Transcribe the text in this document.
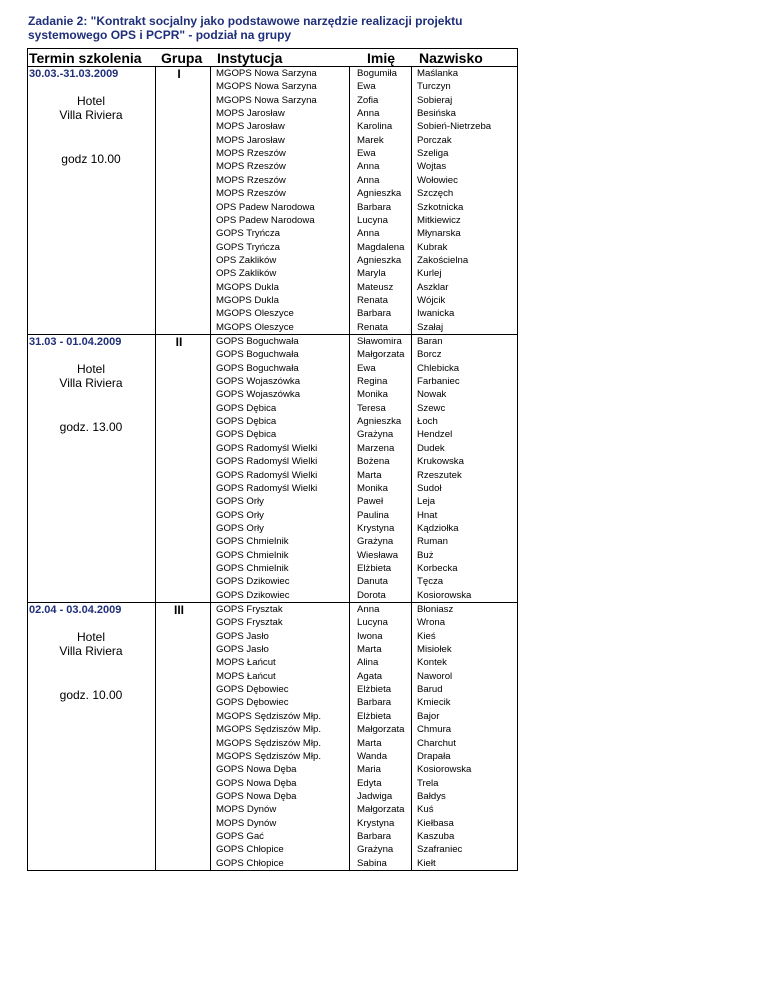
Zadanie 2: "Kontrakt socjalny jako podstawowe narzędzie realizacji projektu systemowego OPS i PCPR" - podział na grupy
Termin szkolenia Grupa Instytucja	Imię Nazwisko
30.03.-31.03.2009	I
Hotel
Villa Riviera
godz 10.00
MGOPS Nowa Sarzyna	Bogumiła Maślanka
MGOPS Nowa Sarzyna	Ewa	Turczyn
MGOPS Nowa Sarzyna	Zofia	Sobieraj
MOPS Jarosław	Anna	Besińska
MOPS Jarosław	Karolina	Sobień-Nietrzeba
MOPS Jarosław	Marek	Porczak
MOPS Rzeszów	Ewa	Szeliga
MOPS Rzeszów	Anna	Wojtas
MOPS Rzeszów	Anna	Wołowiec
MOPS Rzeszów	Agnieszka Szczęch
OPS Padew Narodowa	Barbara	Szkotnicka
OPS Padew Narodowa	Lucyna	Mitkiewicz
GOPS Tryńcza	Anna	Młynarska
GOPS Tryńcza	Magdalena Kubrak
OPS Zaklików	Agnieszka Zakościelna
OPS Zaklików	Maryla	Kurlej
MGOPS Dukla	Mateusz Aszklar
MGOPS Dukla	Renata	Wójcik
MGOPS Oleszyce	Barbara	Iwanicka
MGOPS Oleszyce	Renata	Szałaj
31.03 - 01.04.2009	II
Hotel
Villa Riviera
godz. 13.00
GOPS Boguchwała	Sławomira Baran
GOPS Boguchwała	Małgorzata Borcz
GOPS Boguchwała	Ewa	Chlebicka
GOPS Wojaszówka	Regina	Farbaniec
GOPS Wojaszówka	Monika	Nowak
GOPS Dębica	Teresa	Szewc
GOPS Dębica	Agnieszka Łoch
GOPS Dębica	Grażyna Hendzel
GOPS Radomyśl Wielki	Marzena Dudek
GOPS Radomyśl Wielki	Bożena	Krukowska
GOPS Radomyśl Wielki	Marta	Rzeszutek
GOPS Radomyśl Wielki	Monika	Sudoł
GOPS Orły	Paweł	Leja
GOPS Orły	Paulina	Hnat
GOPS Orły	Krystyna Kądziołka
GOPS Chmielnik	Grażyna Ruman
GOPS Chmielnik	Wiesława Buż
GOPS Chmielnik	Elżbieta	Korbecka
GOPS Dzikowiec	Danuta	Tęcza
GOPS Dzikowiec	Dorota	Kosiorowska
02.04 - 03.04.2009	III
Hotel
Villa Riviera
godz. 10.00
GOPS Frysztak	Anna	Błoniasz
GOPS Frysztak	Lucyna	Wrona
GOPS Jasło	Iwona	Kieś
GOPS Jasło	Marta	Misiołek
MOPS Łańcut	Alina	Kontek
MOPS Łańcut	Agata	Naworol
GOPS Dębowiec	Elżbieta	Barud
GOPS Dębowiec	Barbara	Kmiecik
MGOPS Sędziszów Młp.	Elżbieta	Bajor
MGOPS Sędziszów Młp.	Małgorzata Chmura
MGOPS Sędziszów Młp.	Marta	Charchut
MGOPS Sędziszów Młp.	Wanda	Drapała
GOPS Nowa Dęba	Maria	Kosiorowska
GOPS Nowa Dęba	Edyta	Trela
GOPS Nowa Dęba	Jadwiga	Bałdys
MOPS Dynów	Małgorzata Kuś
MOPS Dynów	Krystyna Kiełbasa
GOPS Gać	Barbara	Kaszuba
GOPS Chłopice	Grażyna Szafraniec
GOPS Chłopice	Sabina	Kiełt
